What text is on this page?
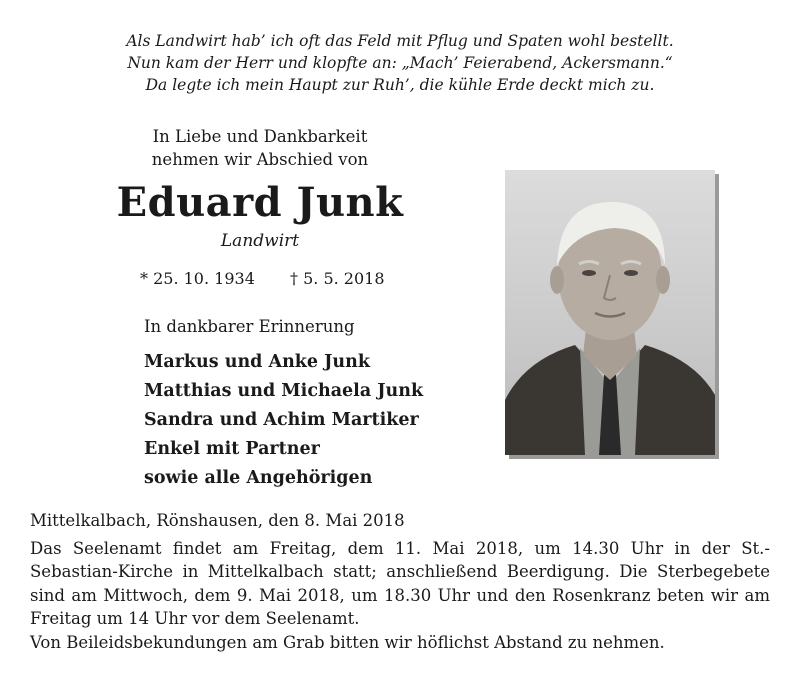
Als Landwirt hab’ ich oft das Feld mit Pflug und Spaten wohl bestellt.
Nun kam der Herr und klopfte an: „Mach’ Feierabend, Ackersmann.“
Da legte ich mein Haupt zur Ruh’, die kühle Erde deckt mich zu.
In Liebe und Dankbarkeit
nehmen wir Abschied von
Eduard Junk
Landwirt
* 25. 10. 1934 † 5. 5. 2018
In dankbarer Erinnerung
Markus und Anke Junk
Matthias und Michaela Junk
Sandra und Achim Martiker
Enkel mit Partner
sowie alle Angehörigen
Mittelkalbach, Rönshausen, den 8. Mai 2018
Das Seelenamt findet am Freitag, dem 11. Mai 2018, um 14.30 Uhr in der St.-Sebastian-Kirche in Mittelkalbach statt; anschließend Beerdigung. Die Sterbegebete sind am Mittwoch, dem 9. Mai 2018, um 18.30 Uhr und den Rosenkranz beten wir am Freitag um 14 Uhr vor dem Seelenamt.
Von Beileidsbekundungen am Grab bitten wir höflichst Abstand zu nehmen.
